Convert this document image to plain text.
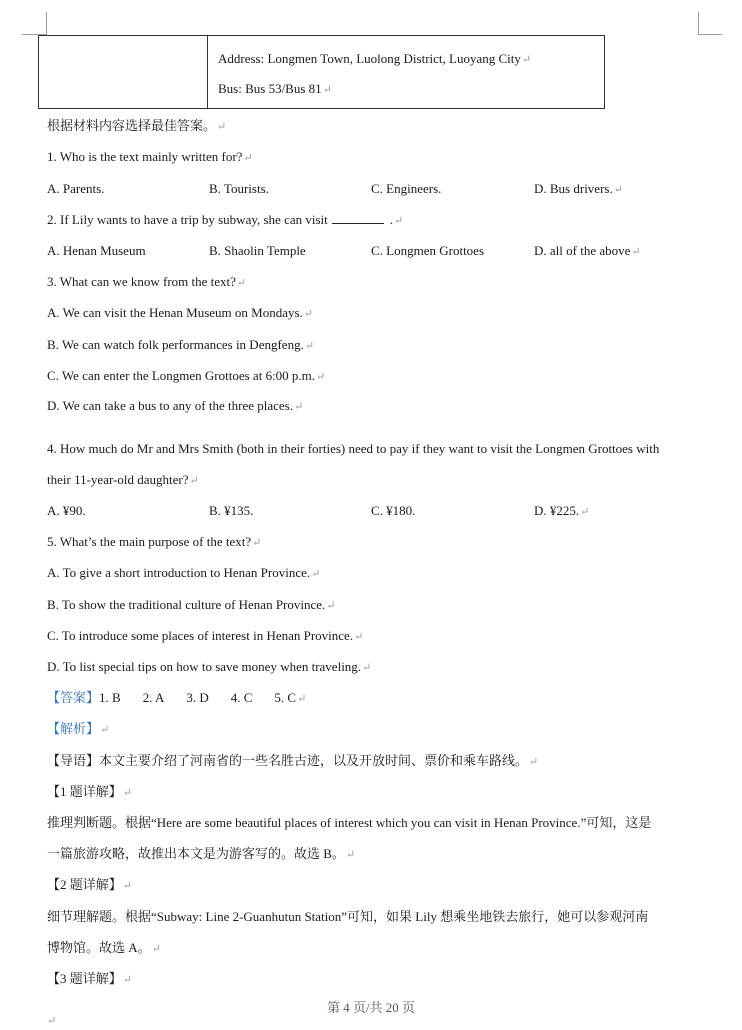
Address: Longmen Town, Luolong District, Luoyang City↵
Bus: Bus 53/Bus 81↵
根据材料内容选择最佳答案。↵
1. Who is the text mainly written for?↵
A. Parents.	B. Tourists.	C. Engineers.	D. Bus drivers.↵
2. If Lily wants to have a trip by subway, she can visit	.↵
A. Henan Museum	B. Shaolin Temple	C. Longmen Grottoes	D. all of the above↵
3. What can we know from the text?↵
A. We can visit the Henan Museum on Mondays.↵
B. We can watch folk performances in Dengfeng.↵
C. We can enter the Longmen Grottoes at 6:00 p.m.↵
D. We can take a bus to any of the three places.↵
4. How much do Mr and Mrs Smith (both in their forties) need to pay if they want to visit the Longmen Grottoes with
their 11-year-old daughter?↵
A. ¥90.	B. ¥135.	C. ¥180.	D. ¥225.↵
5. What’s the main purpose of the text?↵
A. To give a short introduction to Henan Province.↵
B. To show the traditional culture of Henan Province.↵
C. To introduce some places of interest in Henan Province.↵
D. To list special tips on how to save money when traveling.↵
【答案】1. B 2. A 3. D 4. C 5. C↵
【解析】↵
【导语】本文主要介绍了河南省的一些名胜古迹，以及开放时间、票价和乘车路线。↵
【1 题详解】↵
推理判断题。根据“Here are some beautiful places of interest which you can visit in Henan Province.”可知，这是
一篇旅游攻略，故推出本文是为游客写的。故选 B。↵
【2 题详解】↵
细节理解题。根据“Subway: Line 2-Guanhutun Station”可知，如果 Lily 想乘坐地铁去旅行，她可以参观河南
博物馆。故选 A。↵
【3 题详解】↵
第 4 页/共 20 页
↵
